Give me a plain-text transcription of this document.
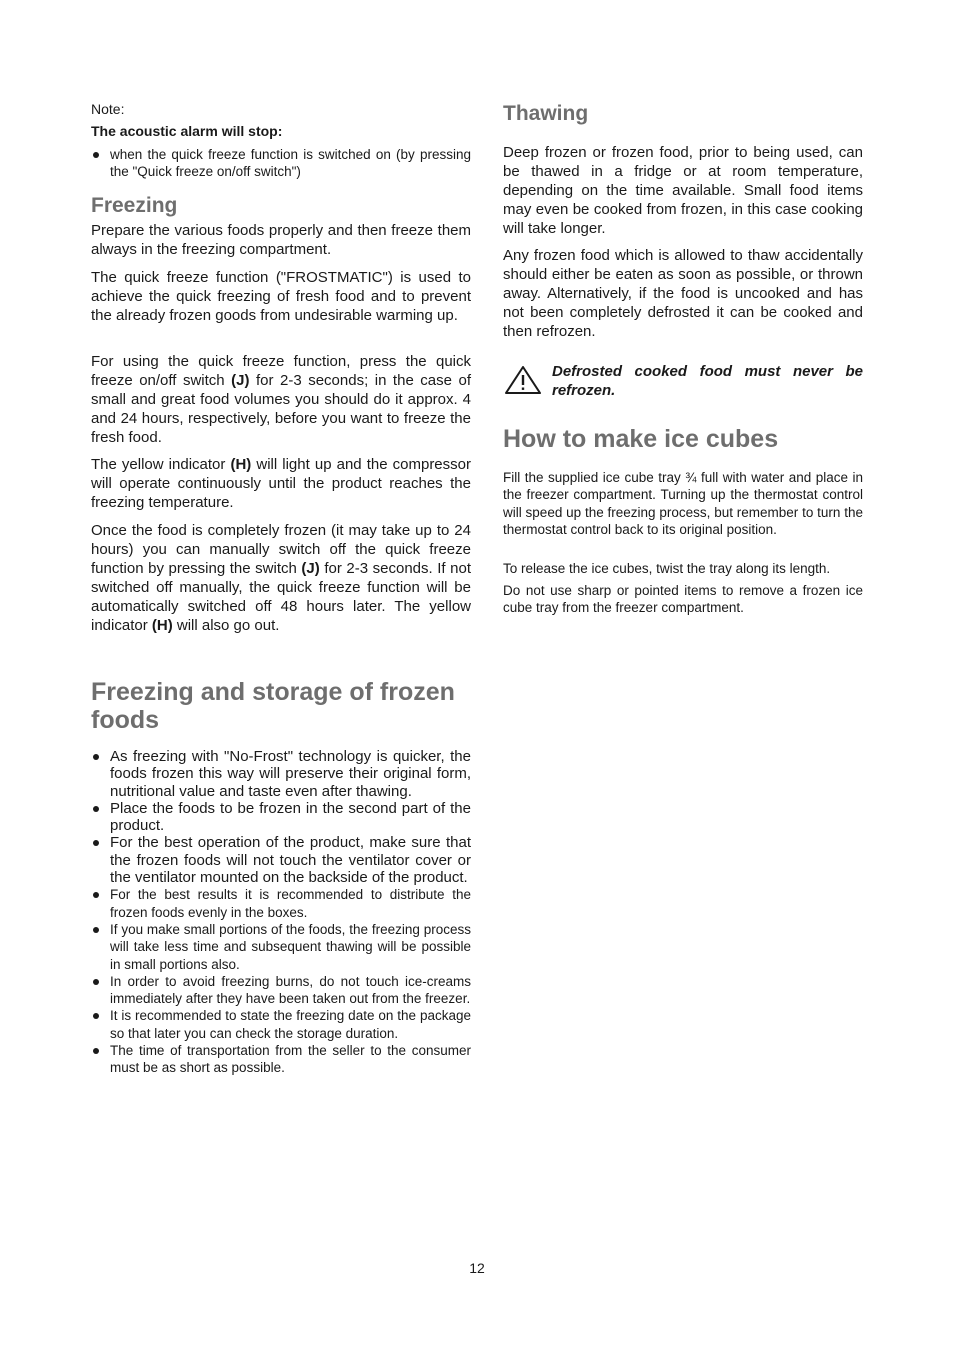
Note:
The acoustic alarm will stop:
when the quick freeze function is switched on (by pressing the "Quick freeze on/off switch")
Freezing

Prepare the various foods properly and then freeze them always in the freezing compartment.

The quick freeze function ("FROSTMATIC") is used to achieve the quick freezing of fresh food and to prevent the already frozen goods from undesirable warming up.

For using the quick freeze function, press the quick freeze on/off switch (J) for 2-3 seconds; in the case of small and great food volumes you should do it approx. 4 and 24 hours, respectively, before you want to freeze the fresh food.

The yellow indicator (H) will light up and the compressor will operate continuously until the product reaches the freezing temperature.

Once the food is completely frozen (it may take up to 24 hours) you can manually switch off the quick freeze function by pressing the switch (J) for 2-3 seconds. If not switched off manually, the quick freeze function will be automatically switched off 48 hours later. The yellow indicator (H) will also go out.

Freezing and storage of frozen foods
As freezing with "No-Frost" technology is quicker, the foods frozen this way will preserve their original form, nutritional value and taste even after thawing.
Place the foods to be frozen in the second part of the product.
For the best operation of the product, make sure that the frozen foods will not touch the ventilator cover or the ventilator mounted on the backside of the product.
For the best results it is recommended to distribute the frozen foods evenly in the boxes.
If you make small portions of the foods, the freezing process will take less time and subsequent thawing will be possible in small portions also.
In order to avoid freezing burns, do not touch ice-creams immediately after they have been taken out from the freezer.
It is recommended to state the freezing date on the package so that later you can check the storage duration.
The time of transportation from the seller to the consumer must be as short as possible.
Thawing

Deep frozen or frozen food, prior to being used, can be thawed in a fridge or at room temperature, depending on the time available. Small food items may even be cooked from frozen, in this case cooking will take longer.

Any frozen food which is allowed to thaw accidentally should either be eaten as soon as possible, or thrown away. Alternatively, if the food is uncooked and has not been completely defrosted it can be cooked and then refrozen.

Defrosted cooked food must never be refrozen.

How to make ice cubes

Fill the supplied ice cube tray ¾ full with water and place in the freezer compartment. Turning up the thermostat control will speed up the freezing process, but remember to turn the thermostat control back to its original position.

To release the ice cubes, twist the tray along its length.

Do not use sharp or pointed items to remove a frozen ice cube tray from the freezer compartment.

12
